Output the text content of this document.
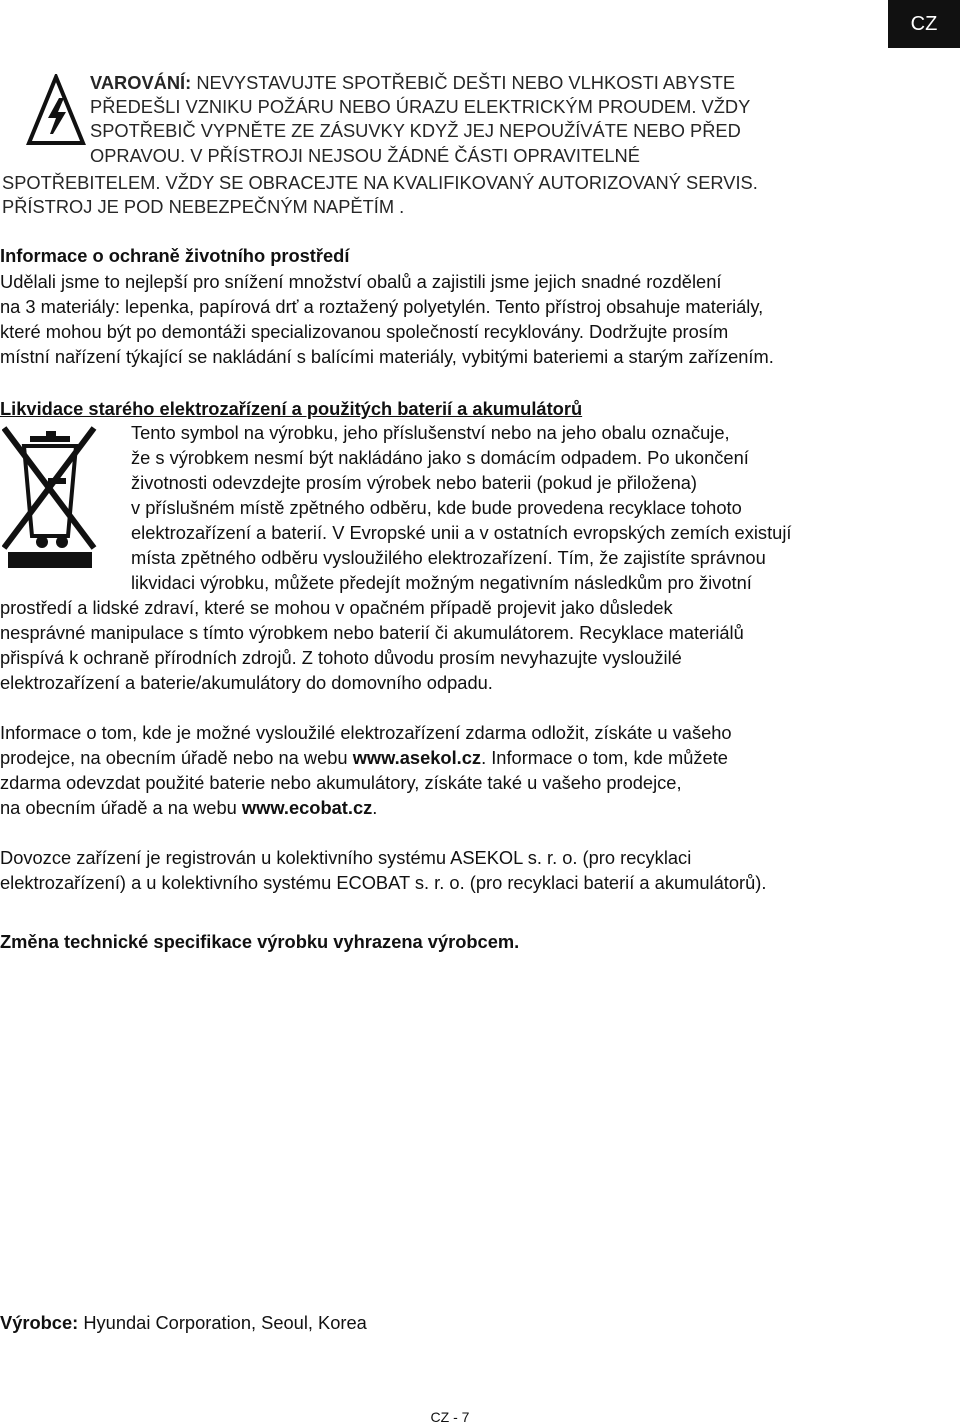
CZ
VAROVÁNÍ: NEVYSTAVUJTE SPOTŘEBIČ DEŠTI NEBO VLHKOSTI ABYSTE
PŘEDEŠLI VZNIKU POŽÁRU NEBO ÚRAZU ELEKTRICKÝM PROUDEM. VŽDY
SPOTŘEBIČ VYPNĚTE ZE ZÁSUVKY KDYŽ JEJ NEPOUŽÍVÁTE NEBO PŘED
OPRAVOU. V PŘÍSTROJI NEJSOU ŽÁDNÉ ČÁSTI OPRAVITELNÉ
SPOTŘEBITELEM. VŽDY SE OBRACEJTE NA KVALIFIKOVANÝ AUTORIZOVANÝ SERVIS.
PŘÍSTROJ JE POD NEBEZPEČNÝM NAPĚTÍM .
Informace o ochraně životního prostředí
Udělali jsme to nejlepší pro snížení množství obalů a zajistili jsme jejich snadné rozdělení
na 3 materiály: lepenka, papírová drť a roztažený polyetylén. Tento přístroj obsahuje materiály,
které mohou být po demontáži specializovanou společností recyklovány. Dodržujte prosím
místní nařízení týkající se nakládání s balícími materiály, vybitými bateriemi a starým zařízením.
Likvidace starého elektrozařízení a použitých baterií a akumulátorů
Tento symbol na výrobku, jeho příslušenství nebo na jeho obalu označuje,
že s výrobkem nesmí být nakládáno jako s domácím odpadem. Po ukončení
životnosti odevzdejte prosím výrobek nebo baterii (pokud je přiložena)
v příslušném místě zpětného odběru, kde bude provedena recyklace tohoto
elektrozařízení a baterií. V Evropské unii a v ostatních evropských zemích existují
místa zpětného odběru vysloužilého elektrozařízení. Tím, že zajistíte správnou
likvidaci výrobku, můžete předejít možným negativním následkům pro životní
prostředí a lidské zdraví, které se mohou v opačném případě projevit jako důsledek
nesprávné manipulace s tímto výrobkem nebo baterií či akumulátorem. Recyklace materiálů
přispívá k ochraně přírodních zdrojů. Z tohoto důvodu prosím nevyhazujte vysloužilé
elektrozařízení a baterie/akumulátory do domovního odpadu.
Informace o tom, kde je možné vysloužilé elektrozařízení zdarma odložit, získáte u vašeho
prodejce, na obecním úřadě nebo na webu www.asekol.cz. Informace o tom, kde můžete
zdarma odevzdat použité baterie nebo akumulátory, získáte také u vašeho prodejce,
na obecním úřadě a na webu www.ecobat.cz.
Dovozce zařízení je registrován u kolektivního systému ASEKOL s. r. o. (pro recyklaci
elektrozařízení) a u kolektivního systému ECOBAT s. r. o. (pro recyklaci baterií a akumulátorů).
Změna technické specifikace výrobku vyhrazena výrobcem.
Výrobce: Hyundai Corporation, Seoul, Korea
CZ - 7
